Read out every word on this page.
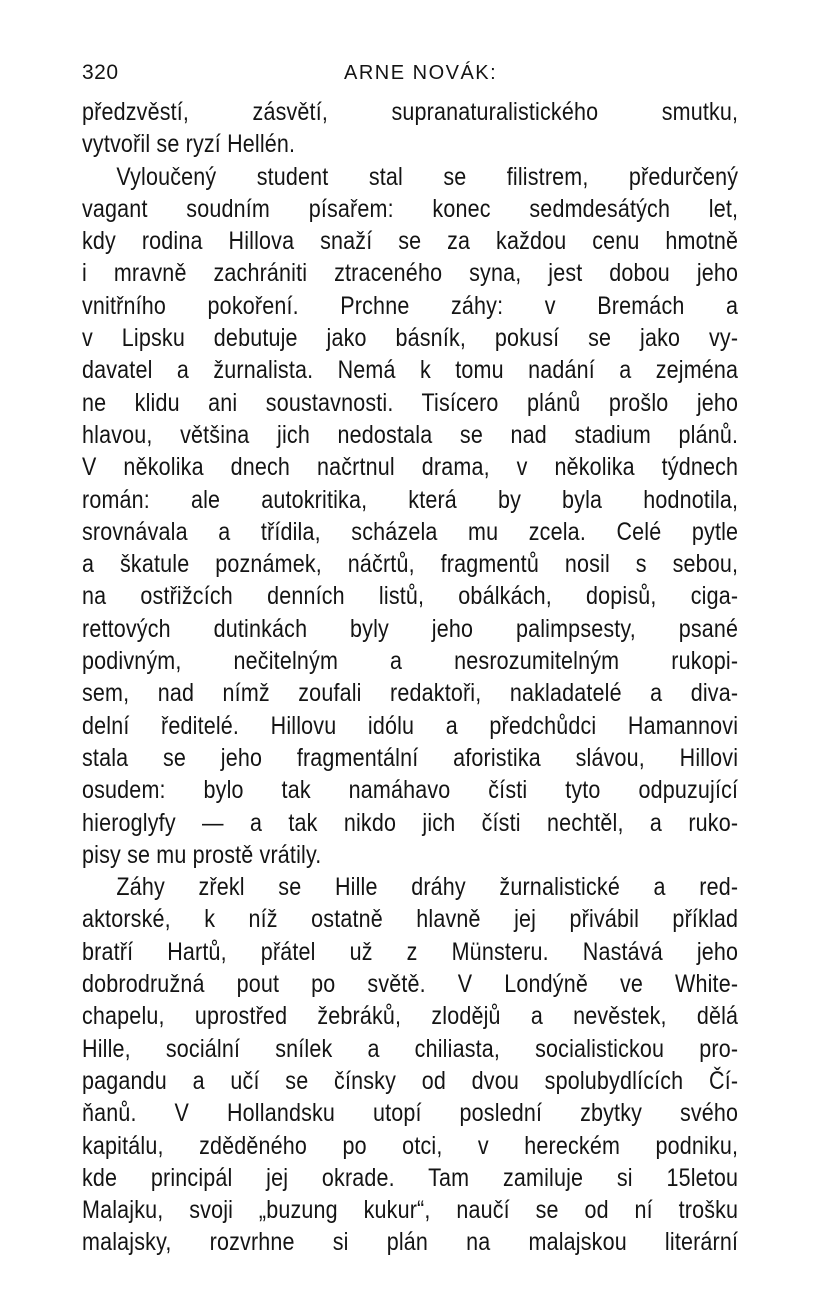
320	ARNE NOVÁK:
předzvěstí, zásvětí, supranaturalistického smutku,
vytvořil se ryzí Hellén.
Vyloučený student stal se filistrem, předurčený
vagant soudním písařem: konec sedmdesátých let,
kdy rodina Hillova snaží se za každou cenu hmotně
i mravně zachrániti ztraceného syna, jest dobou jeho
vnitřního pokoření. Prchne záhy: v Bremách a
v Lipsku debutuje jako básník, pokusí se jako vy-
davatel a žurnalista. Nemá k tomu nadání a zejména
ne klidu ani soustavnosti. Tisícero plánů prošlo jeho
hlavou, většina jich nedostala se nad stadium plánů.
V několika dnech načrtnul drama, v několika týdnech
román: ale autokritika, která by byla hodnotila,
srovnávala a třídila, scházela mu zcela. Celé pytle
a škatule poznámek, náčrtů, fragmentů nosil s sebou,
na ostřižcích denních listů, obálkách, dopisů, ciga-
rettových dutinkách byly jeho palimpsesty, psané
podivným, nečitelným a nesrozumitelným rukopi-
sem, nad nímž zoufali redaktoři, nakladatelé a diva-
delní ředitelé. Hillovu idólu a předchůdci Hamannovi
stala se jeho fragmentální aforistika slávou, Hillovi
osudem: bylo tak namáhavo čísti tyto odpuzující
hieroglyfy — a tak nikdo jich čísti nechtěl, a ruko-
pisy se mu prostě vrátily.
Záhy zřekl se Hille dráhy žurnalistické a red-
aktorské, k níž ostatně hlavně jej přivábil příklad
bratří Hartů, přátel už z Münsteru. Nastává jeho
dobrodružná pout po světě. V Londýně ve White-
chapelu, uprostřed žebráků, zlodějů a nevěstek, dělá
Hille, sociální snílek a chiliasta, socialistickou pro-
pagandu a učí se čínsky od dvou spolubydlících Čí-
ňanů. V Hollandsku utopí poslední zbytky svého
kapitálu, zděděného po otci, v hereckém podniku,
kde principál jej okrade. Tam zamiluje si 15letou
Malajku, svoji „buzung kukur“, naučí se od ní trošku
malajsky, rozvrhne si plán na malajskou literární
